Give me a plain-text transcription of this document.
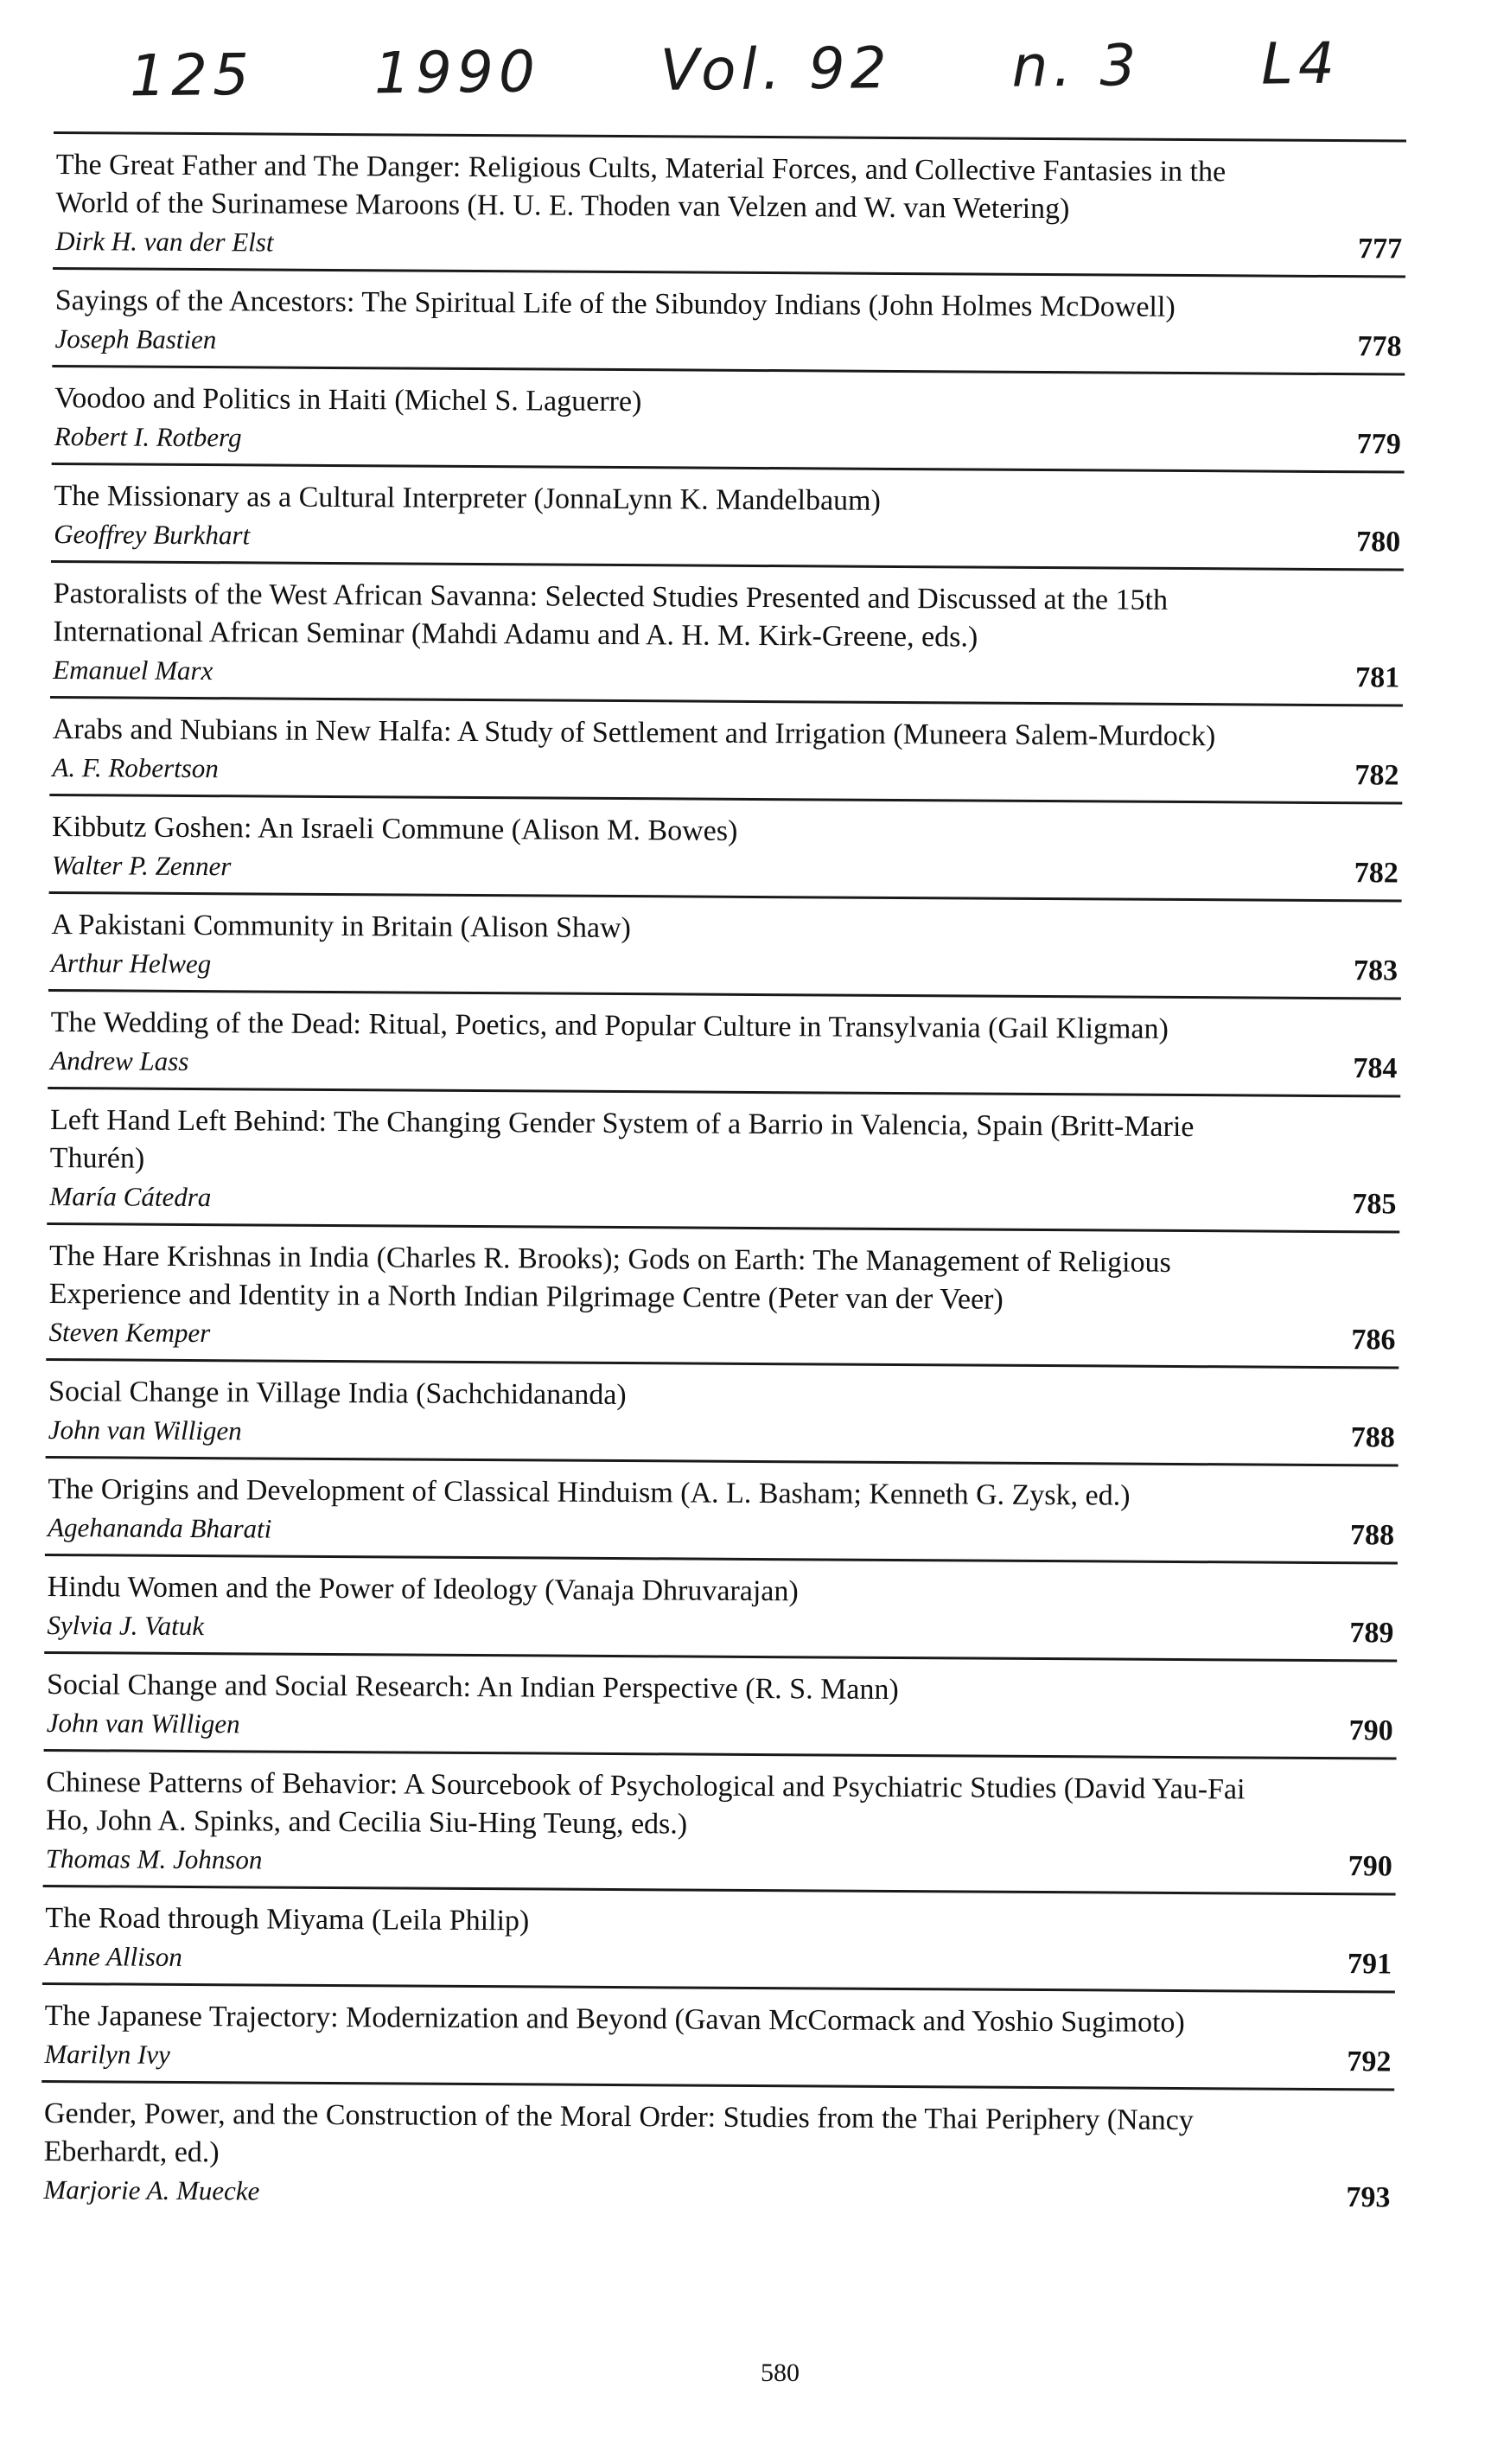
125 1990 Vol. 92 n. 3 L4
The Great Father and The Danger: Religious Cults, Material Forces, and Collective Fantasies in the World of the Surinamese Maroons (H. U. E. Thoden van Velzen and W. van Wetering)
Dirk H. van der Elst	777
Sayings of the Ancestors: The Spiritual Life of the Sibundoy Indians (John Holmes McDowell)
Joseph Bastien	778
Voodoo and Politics in Haiti (Michel S. Laguerre)
Robert I. Rotberg	779
The Missionary as a Cultural Interpreter (JonnaLynn K. Mandelbaum)
Geoffrey Burkhart	780
Pastoralists of the West African Savanna: Selected Studies Presented and Discussed at the 15th International African Seminar (Mahdi Adamu and A. H. M. Kirk-Greene, eds.)
Emanuel Marx	781
Arabs and Nubians in New Halfa: A Study of Settlement and Irrigation (Muneera Salem-Murdock)
A. F. Robertson	782
Kibbutz Goshen: An Israeli Commune (Alison M. Bowes)
Walter P. Zenner	782
A Pakistani Community in Britain (Alison Shaw)
Arthur Helweg	783
The Wedding of the Dead: Ritual, Poetics, and Popular Culture in Transylvania (Gail Kligman)
Andrew Lass	784
Left Hand Left Behind: The Changing Gender System of a Barrio in Valencia, Spain (Britt-Marie Thurén)
María Cátedra	785
The Hare Krishnas in India (Charles R. Brooks); Gods on Earth: The Management of Religious Experience and Identity in a North Indian Pilgrimage Centre (Peter van der Veer)
Steven Kemper	786
Social Change in Village India (Sachchidananda)
John van Willigen	788
The Origins and Development of Classical Hinduism (A. L. Basham; Kenneth G. Zysk, ed.)
Agehananda Bharati	788
Hindu Women and the Power of Ideology (Vanaja Dhruvarajan)
Sylvia J. Vatuk	789
Social Change and Social Research: An Indian Perspective (R. S. Mann)
John van Willigen	790
Chinese Patterns of Behavior: A Sourcebook of Psychological and Psychiatric Studies (David Yau-Fai Ho, John A. Spinks, and Cecilia Siu-Hing Teung, eds.)
Thomas M. Johnson	790
The Road through Miyama (Leila Philip)
Anne Allison	791
The Japanese Trajectory: Modernization and Beyond (Gavan McCormack and Yoshio Sugimoto)
Marilyn Ivy	792
Gender, Power, and the Construction of the Moral Order: Studies from the Thai Periphery (Nancy Eberhardt, ed.)
Marjorie A. Muecke	793
580
